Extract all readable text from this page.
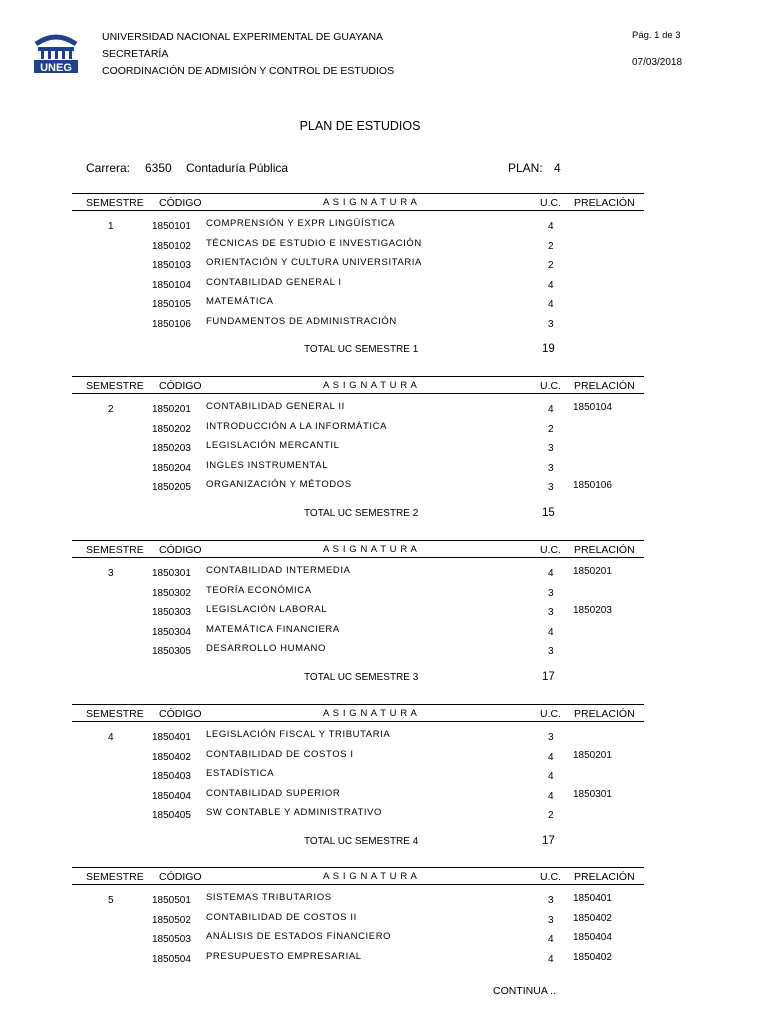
UNEG
UNIVERSIDAD NACIONAL EXPERIMENTAL DE GUAYANA
SECRETARÍA
COORDINACIÓN DE ADMISIÓN Y CONTROL DE ESTUDIOS
Pág. 1 de 3
07/03/2018
PLAN DE ESTUDIOS
Carrera: 6350 Contaduría Pública	PLAN: 4
SEMESTRE CÓDIGO	A S I G N A T U R A	U.C. PRELACIÓN
1	1850101 COMPRENSIÓN Y EXPR LINGÜÍSTICA	4
1850102 TÉCNICAS DE ESTUDIO E INVESTIGACIÓN	2
1850103 ORIENTACIÓN Y CULTURA UNIVERSITARIA	2
1850104 CONTABILIDAD GENERAL I	4
1850105 MATEMÁTICA	4
1850106 FUNDAMENTOS DE ADMINISTRACIÓN	3
TOTAL UC SEMESTRE 1	19
SEMESTRE CÓDIGO	A S I G N A T U R A	U.C. PRELACIÓN
2	1850201 CONTABILIDAD GENERAL II	4 1850104
1850202 INTRODUCCIÓN A LA INFORMÁTICA	2
1850203 LEGISLACIÓN MERCANTIL	3
1850204 INGLES INSTRUMENTAL	3
1850205 ORGANIZACIÓN Y MÉTODOS	3 1850106
TOTAL UC SEMESTRE 2	15
SEMESTRE CÓDIGO	A S I G N A T U R A	U.C. PRELACIÓN
3	1850301 CONTABILIDAD INTERMEDIA	4 1850201
1850302 TEORÍA ECONÓMICA	3
1850303 LEGISLACIÓN LABORAL	3 1850203
1850304 MATEMÁTICA FINANCIERA	4
1850305 DESARROLLO HUMANO	3
TOTAL UC SEMESTRE 3	17
SEMESTRE CÓDIGO	A S I G N A T U R A	U.C. PRELACIÓN
4	1850401 LEGISLACIÓN FISCAL Y TRIBUTARIA	3
1850402 CONTABILIDAD DE COSTOS I	4 1850201
1850403 ESTADÍSTICA	4
1850404 CONTABILIDAD SUPERIOR	4 1850301
1850405 SW CONTABLE Y ADMINISTRATIVO	2
TOTAL UC SEMESTRE 4	17
SEMESTRE CÓDIGO	A S I G N A T U R A	U.C. PRELACIÓN
5	1850501 SISTEMAS TRIBUTARIOS	3 1850401
1850502 CONTABILIDAD DE COSTOS II	3 1850402
1850503 ANÁLISIS DE ESTADOS FINANCIERO	4 1850404
1850504 PRESUPUESTO EMPRESARIAL	4 1850402
CONTINUA ..
